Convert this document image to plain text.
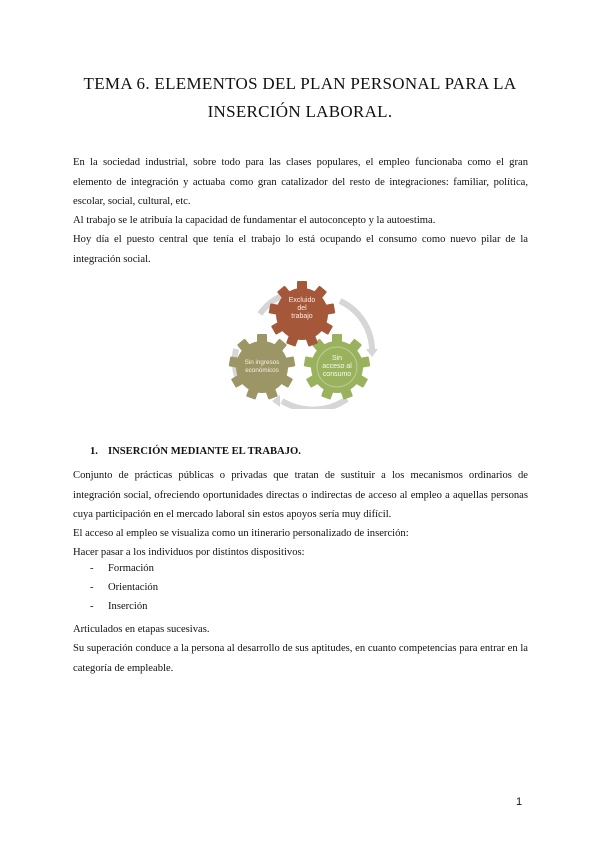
TEMA 6. ELEMENTOS DEL PLAN PERSONAL PARA LA
INSERCIÓN LABORAL.

En la sociedad industrial, sobre todo para las clases populares, el empleo funcionaba como el gran elemento de integración y actuaba como gran catalizador del resto de integraciones: familiar, política, escolar, social, cultural, etc.

Al trabajo se le atribuía la capacidad de fundamentar el autoconcepto y la autoestima.

Hoy día el puesto central que tenía el trabajo lo está ocupando el consumo como nuevo pilar de la integración social.

Excluido del trabajo
Sin ingresos económicos
Sin acceso al consumo
1. INSERCIÓN MEDIANTE EL TRABAJO.

Conjunto de prácticas públicas o privadas que tratan de sustituir a los mecanismos ordinarios de integración social, ofreciendo oportunidades directas o indirectas de acceso al empleo a aquellas personas cuya participación en el mercado laboral sin estos apoyos sería muy difícil.

El acceso al empleo se visualiza como un itinerario personalizado de inserción:

Hacer pasar a los individuos por distintos dispositivos:

- Formación
- Orientación
- Inserción

Articulados en etapas sucesivas.

Su superación conduce a la persona al desarrollo de sus aptitudes, en cuanto competencias para entrar en la categoría de empleable.

1
